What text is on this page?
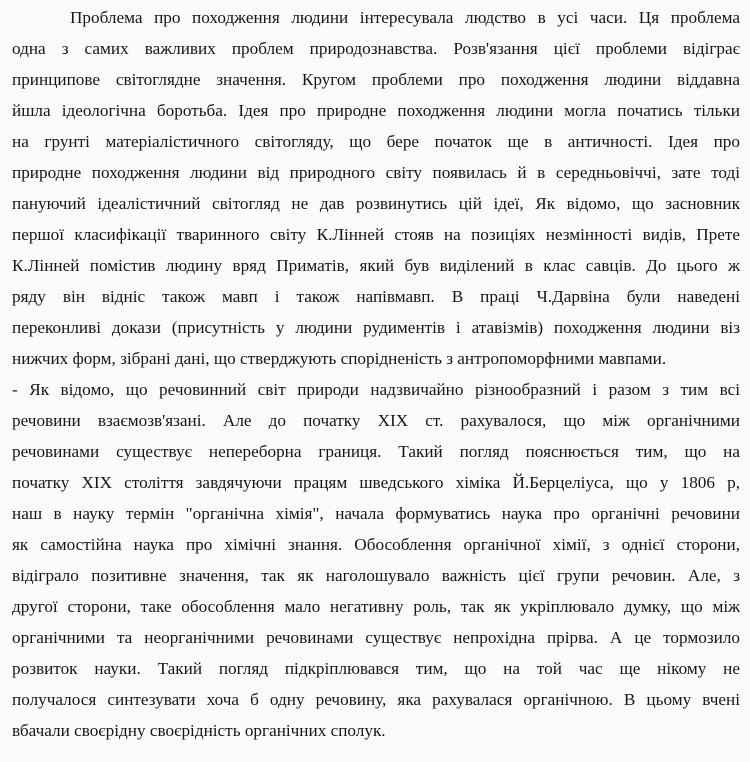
Проблема про походження людини інтересувала людство в усі часи. Ця проблема
одна з самих важливих проблем природознавства. Розв'язання цієї проблеми відіграє
принципове світоглядне значення. Кругом проблеми про походження людини віддавна
йшла ідеологічна боротьба. Ідея про природне походження людини могла початись тільки
на грунті матеріалістичного світогляду, що бере початок ще в античності. Ідея про
природне походження людини від природного світу появилась й в середньовіччі, зате тоді
пануючий ідеалістичний світогляд не дав розвинутись цій ідеї, Як відомо, що засновник
першої класифікації тваринного світу К.Лінней стояв на позиціях незмінності видів, Прете
К.Лінней помістив людину вряд Приматів, який був виділений в клас савців. До цього ж
ряду він відніс також мавп і також напівмавп. В праці Ч.Дарвіна були наведені
переконливі докази (присутність у людини рудиментів і атавізмів) походження людини віз
нижчих форм, зібрані дані, що стверджують спорідненість з антропоморфними мавпами.
- Як відомо, що речовинний світ природи надзвичайно різнообразний і разом з тим всі
речовини взаємозв'язані. Але до початку XIX ст. рахувалося, що між органічними
речовинами существує непереборна границя. Такий погляд пояснюється тим, що на
початку XIX століття завдячуючи працям шведського хіміка Й.Берцеліуса, що у 1806 р,
наш в науку термін "органічна хімія", начала формуватись наука про органічні речовини
як самостійна наука про хімічні знання. Обособлення органічної хімії, з однієї сторони,
відігрaло позитивне значення, так як наголошувало важність цієї групи речовин. Але, з
другої сторони, таке обособлення мало негативну роль, так як укріплювало думку, що між
органічними та неорганічними речовинами существує непрохідна прірва. А це тормозило
розвиток науки. Такий погляд підкріплювався тим, що на той час ще нікому не
получалося синтезувати хоча б одну речовину, яка рахувалася органічною. В цьому вчені
вбачали своєрідну своєрідність органічних сполук.
